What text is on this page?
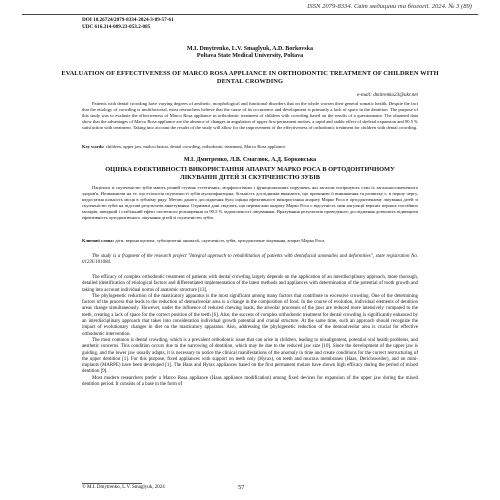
ISSN 2079-8334. Світ медицини та біології. 2024. № 3 (89)
DOI 10.26724/2079-8334-2024-3-89-57-61
UDC 616.314-089.23-053.2-085
M.I. Dmytrenko, L.V. Smaglyuk, A.D. Borkovska
Poltava State Medical University, Poltava
EVALUATION OF EFFECTIVENESS OF MARCO ROSA APPLIANCE IN ORTHODONTIC TREATMENT OF CHILDREN WITH DENTAL CROWDING
e-mail: dmitrenko23@ukr.net
Patients with dental crowding have varying degrees of aesthetic, morphological and functional disorders that on the whole worsen their general somatic health. Despite the fact that the etiology of crowding is multifactorial, most researchers believe that the cause of its occurrence and development is primarily a lack of space in the dentition. The purpose of this study was to evaluate the effectiveness of Marco Rosa appliance in orthodontic treatment of children with crowding based on the results of a questionnaire. The obtained data show that the advantages of Marco Rosa appliance are the absence of changes in angulation of upper first permanent molars, a rapid and stable effect of skeletal expansion and 90.5 % satisfaction with treatment. Taking into account the results of the study will allow for the improvement of the effectiveness of orthodontic treatment for children with dental crowding.
Key words: children, upper jaw, malocclusion, dental crowding, orthodontic treatment, Marco Rosa appliance.
М.І. Дмитренко, Л.В. Смаглюк, А.Д. Борковська
ОЦІНКА ЕФЕКТИВНОСТІ ВИКОРИСТАННЯ АПАРАТУ МАРКО РОСА В ОРТОДОНТИЧНОМУ ЛІКУВАННІ ДІТЕЙ ЗІ СКУПЧЕНІСТЮ ЗУБІВ
Пацієнти зі скупченістю зубів мають різний ступінь естетичних, морфологічних і функціональних порушень, які загалом погіршують стан їх загальносоматичного здоров'я. Незважаючи на те, що етіологія скупченості зубів мультифакторна, більшість дослідників вважають, що причиною її виникнення та розвитку є, в першу чергу, недостатня кількість місця в зубному ряду. Метою даного дослідження було оцінка ефективності використання апарату Марко Роса в ортодонтичному лікуванні дітей зі скупченістю зубів на підставі результатів анкетування. Отримані дані свідчать, що перевагами апарату Марко Роса є відсутність змін ангуляції верхніх перших постійних молярів, швидкий і стабільний ефект скелетного розширення та 90,5 % задоволеності лікуванням. Врахування результатів проведеного дослідження дозволить підвищити ефективність ортодонтичного лікування дітей зі скупченістю зубів.
Ключові слова: діти, верхня щелепа, зубощелепні аномалії, скупченість зубів, ортодонтичне лікування, апарат Марко Роса.
The study is a fragment of the research project "Integral approach to rehabilitation of patients with dentofacial anomalies and deformities", state registration No. 0123U101084.

The efficacy of complex orthodontic treatment of patients with dental crowding largely depends on the application of an interdisciplinary approach, more thorough, detailed identification of etiological factors and differentiated implementation of the latest methods and appliances with determination of the potential of tooth growth and taking into account individual norms of anatomic structure [13].

The phylogenetic reduction of the masticatory apparatus is the most significant among many factors that contribute to excessive crowding. One of the determining factors of the process that leads to the reduction of dentoalveolar area is a change in the composition of food. In the course of evolution, individual elements of dentition areas change simultaneously. However, under the influence of reduced chewing loads, the alveolar processes of the jaws are reduced more intensively compared to the teeth, creating a lack of space for the correct position of the teeth [6]. Also, the success of complex orthodontic treatment for dental crowding is significantly enhanced by an interdisciplinary approach that takes into consideration individual growth potential and cranial structure. At the same time, such an approach should recognize the impact of evolutionary changes in diet on the masticatory apparatus. Also, addressing the phylogenetic reduction of the dentoalveolar area is crucial for effective orthodontic intervention.

The most common is dental crowding, which is a prevalent orthodontic issue that can arise in children, leading to misalignment, potential oral health problems, and aesthetic concerns. This condition occurs due to the narrowing of dentition, which may be due to the reduced jaw size [10]. Since the development of the upper jaw is guiding, and the lower jaw usually adapts, it is necessary to notice the clinical manifestations of the anomaly in time and create conditions for the correct restructuring of the upper dentition [1]. For this purpose, fixed appliances with support on teeth only (Hyrax), on teeth and mucous membranes (Haas, Derichsweiler), and on mini-implants (MARPE) have been developed [1]. The Haas and Hyrax appliances based on the first permanent molars have shown high efficacy during the period of mixed dentition [9].

Most modern researchers prefer a Marco Rosa appliance (Haas appliance modification) among fixed devices for expansion of the upper jaw during the mixed dentition period. It consists of a base in the form of

© M.I. Dmytrenko, L.V. Smaglyuk, 2024	57
